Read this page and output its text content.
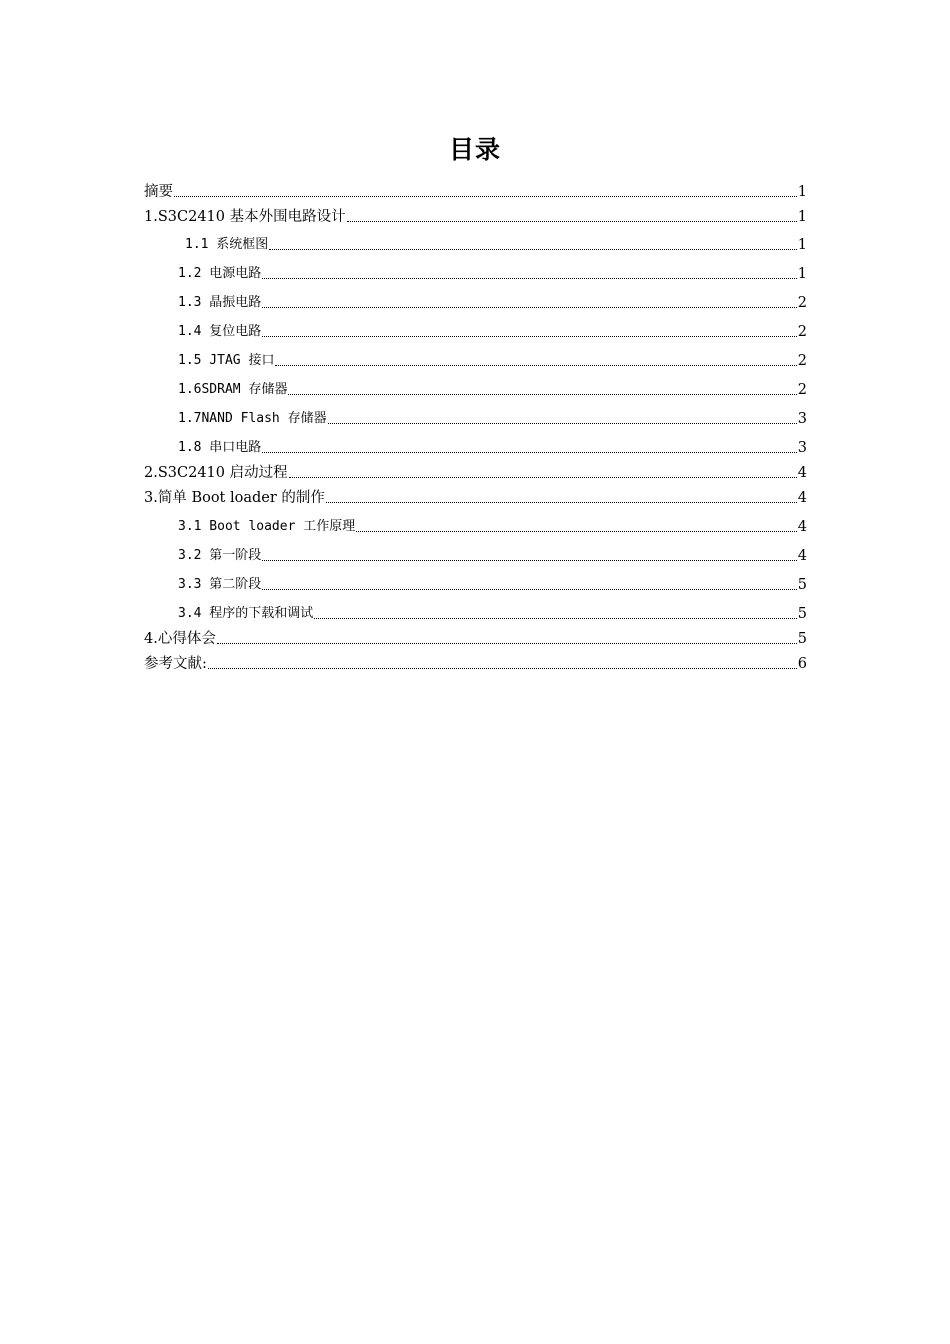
目录
摘要	1
1.S3C2410 基本外围电路设计	1
1.1 系统框图	1
1.2 电源电路	1
1.3 晶振电路	2
1.4 复位电路	2
1.5 JTAG 接口	2
1.6SDRAM 存储器	2
1.7NAND Flash 存储器	3
1.8 串口电路	3
2.S3C2410 启动过程	4
3.简单 Boot loader 的制作	4
3.1 Boot loader 工作原理	4
3.2 第一阶段	4
3.3 第二阶段	5
3.4 程序的下载和调试	5
4.心得体会	5
参考文献:	6
